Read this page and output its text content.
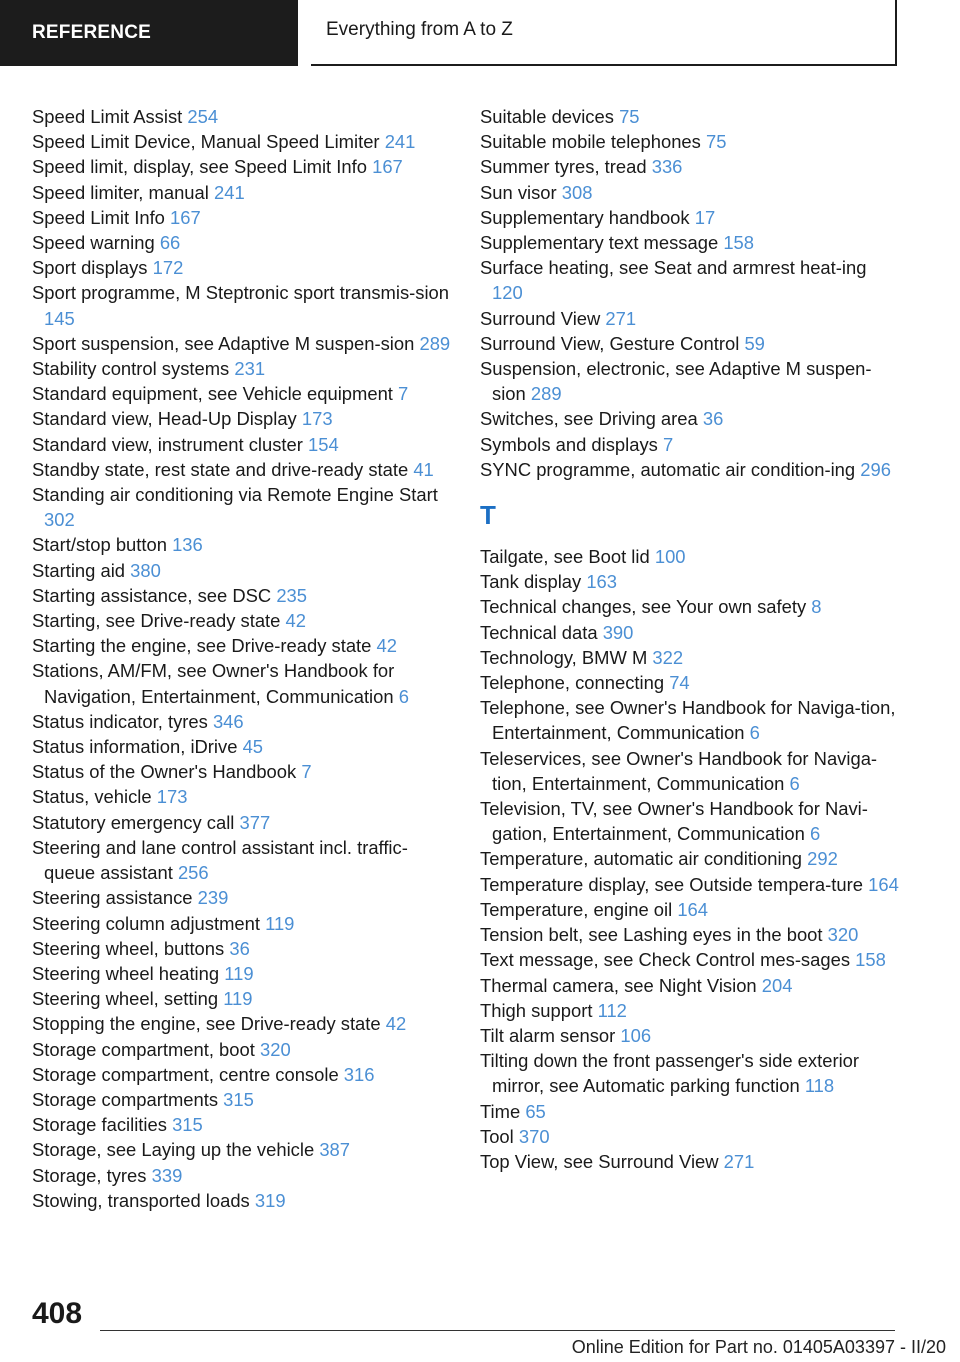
REFERENCE	Everything from A to Z

Speed Limit Assist 254

Speed Limit Device, Manual Speed Limiter 241

Speed limit, display, see Speed Limit Info 167

Speed limiter, manual 241

Speed Limit Info 167

Speed warning 66

Sport displays 172

Sport programme, M Steptronic sport transmis-sion 145

Sport suspension, see Adaptive M suspen-sion 289

Stability control systems 231

Standard equipment, see Vehicle equipment 7

Standard view, Head-Up Display 173

Standard view, instrument cluster 154

Standby state, rest state and drive-ready state 41

Standing air conditioning via Remote Engine Start 302

Start/stop button 136

Starting aid 380

Starting assistance, see DSC 235

Starting, see Drive-ready state 42

Starting the engine, see Drive-ready state 42

Stations, AM/FM, see Owner's Handbook for Navigation, Entertainment, Communication 6

Status indicator, tyres 346

Status information, iDrive 45

Status of the Owner's Handbook 7

Status, vehicle 173

Statutory emergency call 377

Steering and lane control assistant incl. traffic-queue assistant 256

Steering assistance 239

Steering column adjustment 119

Steering wheel, buttons 36

Steering wheel heating 119

Steering wheel, setting 119

Stopping the engine, see Drive-ready state 42

Storage compartment, boot 320

Storage compartment, centre console 316

Storage compartments 315

Storage facilities 315

Storage, see Laying up the vehicle 387

Storage, tyres 339

Stowing, transported loads 319

Suitable devices 75

Suitable mobile telephones 75

Summer tyres, tread 336

Sun visor 308

Supplementary handbook 17

Supplementary text message 158

Surface heating, see Seat and armrest heat-ing 120

Surround View 271

Surround View, Gesture Control 59

Suspension, electronic, see Adaptive M suspen-sion 289

Switches, see Driving area 36

Symbols and displays 7

SYNC programme, automatic air condition-ing 296

T

Tailgate, see Boot lid 100

Tank display 163

Technical changes, see Your own safety 8

Technical data 390

Technology, BMW M 322

Telephone, connecting 74

Telephone, see Owner's Handbook for Naviga-tion, Entertainment, Communication 6

Teleservices, see Owner's Handbook for Naviga-tion, Entertainment, Communication 6

Television, TV, see Owner's Handbook for Navi-gation, Entertainment, Communication 6

Temperature, automatic air conditioning 292

Temperature display, see Outside tempera-ture 164

Temperature, engine oil 164

Tension belt, see Lashing eyes in the boot 320

Text message, see Check Control mes-sages 158

Thermal camera, see Night Vision 204

Thigh support 112

Tilt alarm sensor 106

Tilting down the front passenger's side exterior mirror, see Automatic parking function 118

Time 65

Tool 370

Top View, see Surround View 271

408
Online Edition for Part no. 01405A03397 - II/20
